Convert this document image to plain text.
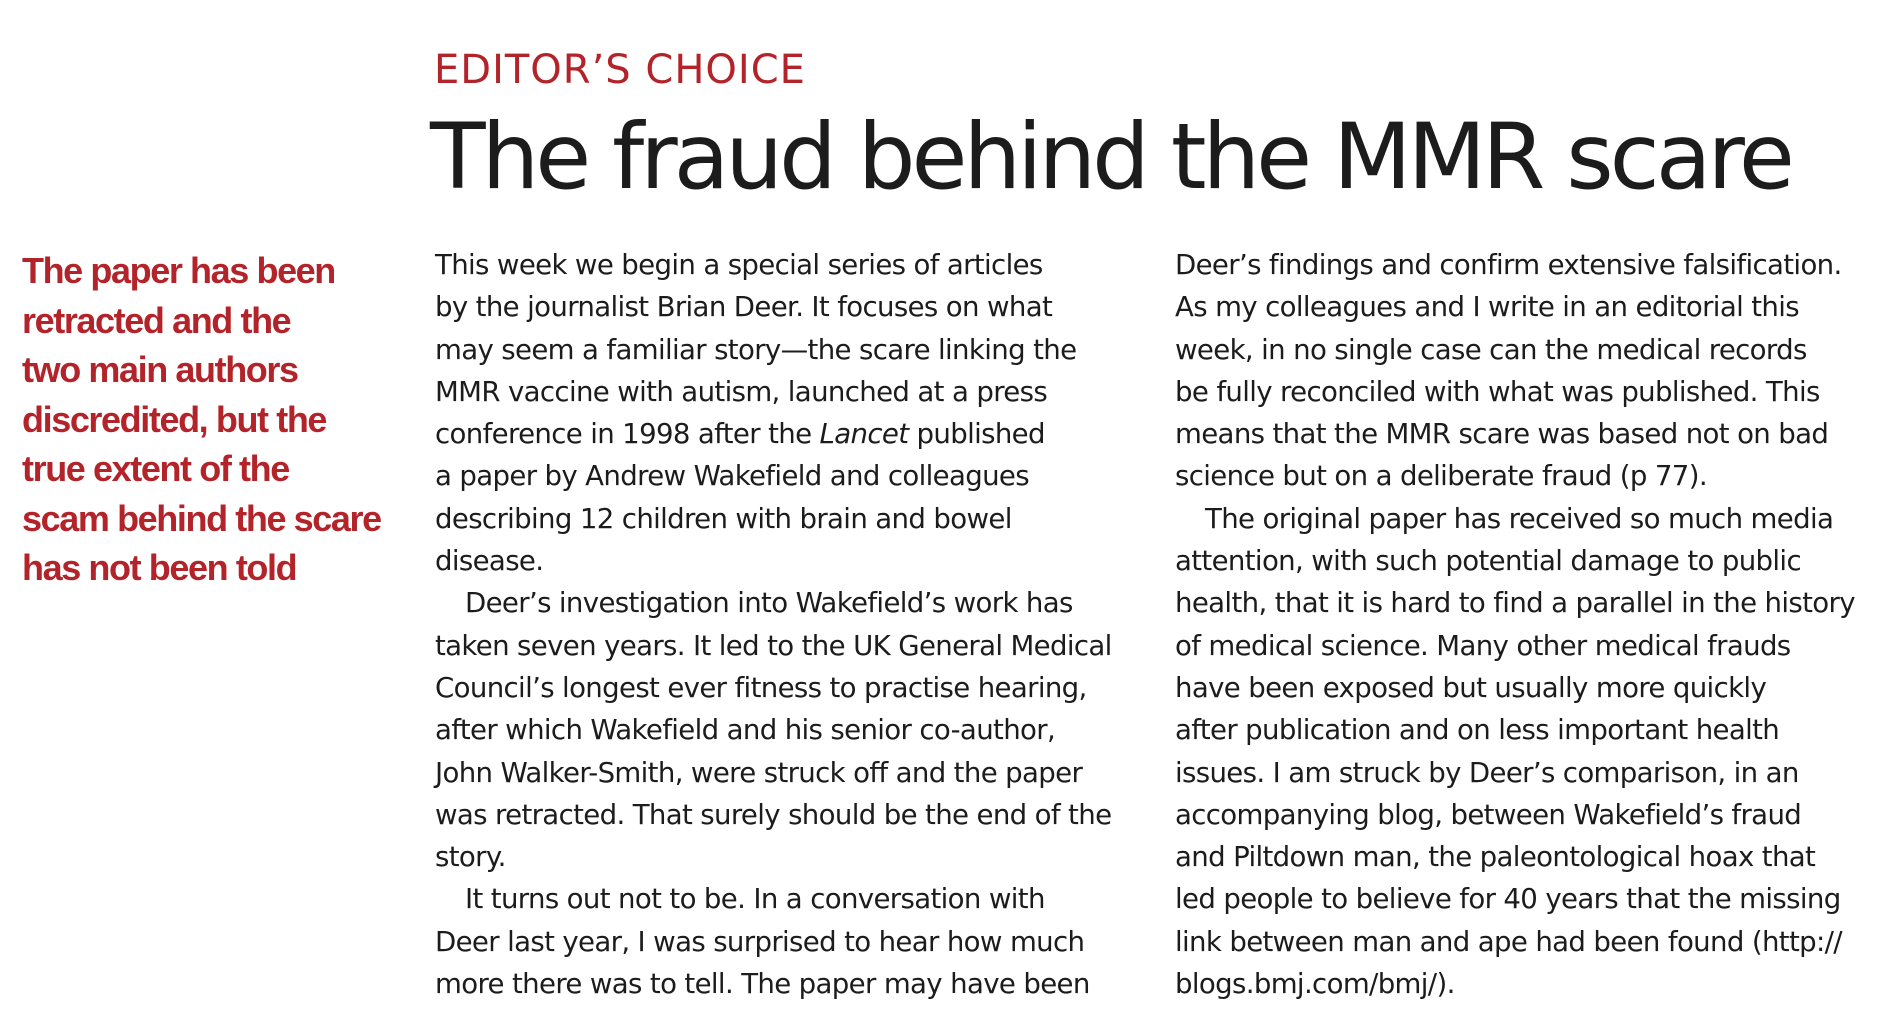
EDITOR’S CHOICE
The fraud behind the MMR scare
The paper has been
retracted and the
two main authors
discredited, but the
true extent of the
scam behind the scare
has not been told
This week we begin a special series of articles
by the journalist Brian Deer. It focuses on what
may seem a familiar story—the scare linking the
MMR vaccine with autism, launched at a press
conference in 1998 after the Lancet published
a paper by Andrew Wakefield and colleagues
describing 12 children with brain and bowel
disease.
Deer’s investigation into Wakefield’s work has
taken seven years. It led to the UK General Medical
Council’s longest ever fitness to practise hearing,
after which Wakefield and his senior co-author,
John Walker-Smith, were struck off and the paper
was retracted. That surely should be the end of the
story.
It turns out not to be. In a conversation with
Deer last year, I was surprised to hear how much
more there was to tell. The paper may have been
Deer’s findings and confirm extensive falsification.
As my colleagues and I write in an editorial this
week, in no single case can the medical records
be fully reconciled with what was published. This
means that the MMR scare was based not on bad
science but on a deliberate fraud (p 77).
The original paper has received so much media
attention, with such potential damage to public
health, that it is hard to find a parallel in the history
of medical science. Many other medical frauds
have been exposed but usually more quickly
after publication and on less important health
issues. I am struck by Deer’s comparison, in an
accompanying blog, between Wakefield’s fraud
and Piltdown man, the paleontological hoax that
led people to believe for 40 years that the missing
link between man and ape had been found (http://
blogs.bmj.com/bmj/).
